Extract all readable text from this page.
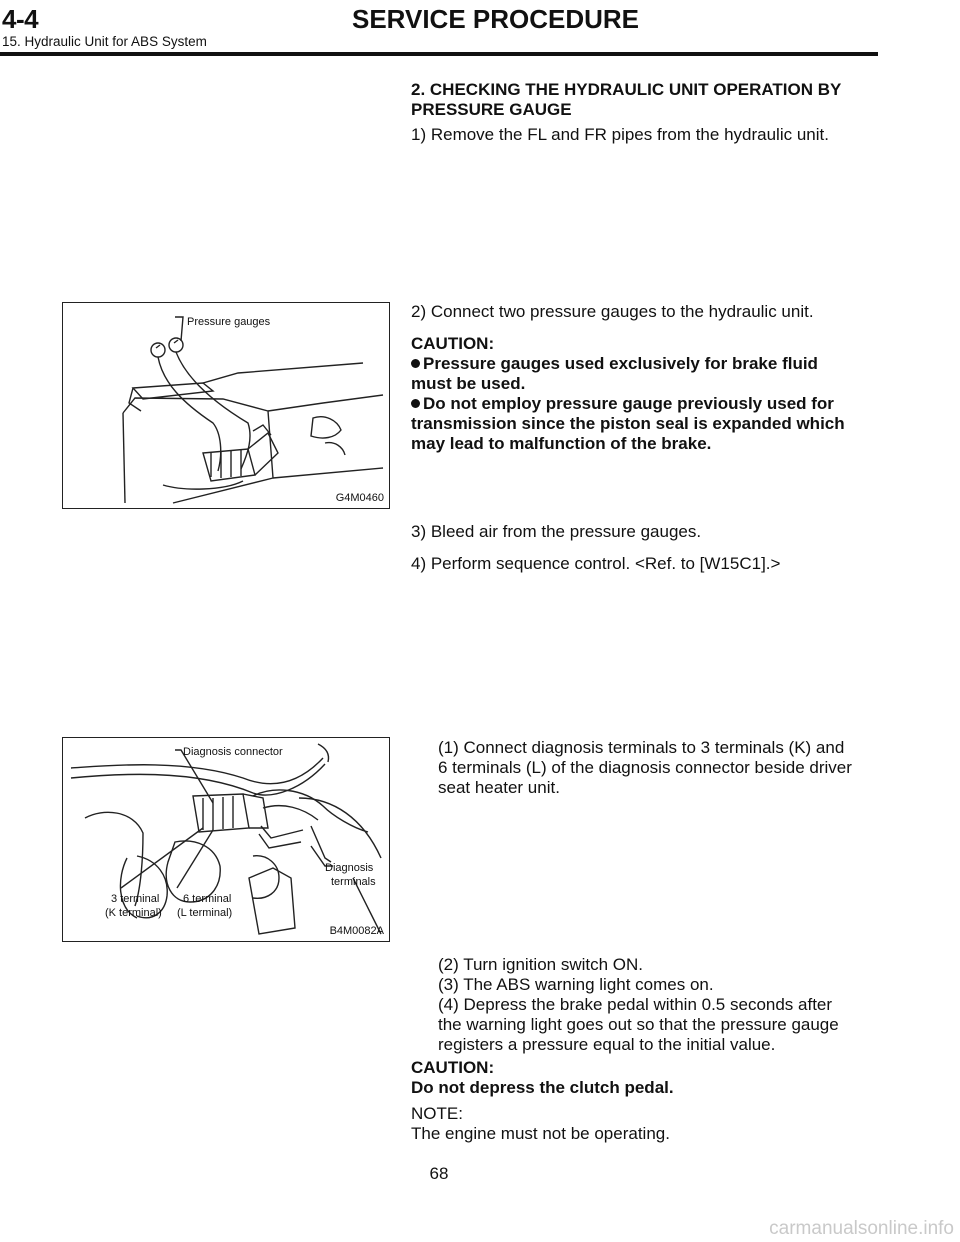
4-4
15. Hydraulic Unit for ABS System
SERVICE PROCEDURE
2. CHECKING THE HYDRAULIC UNIT OPERATION BY
PRESSURE GAUGE
1) Remove the FL and FR pipes from the hydraulic unit.
2) Connect two pressure gauges to the hydraulic unit.
CAUTION:
Pressure gauges used exclusively for brake fluid
must be used.
Do not employ pressure gauge previously used for
transmission since the piston seal is expanded which
may lead to malfunction of the brake.
3) Bleed air from the pressure gauges.
4) Perform sequence control. <Ref. to [W15C1].>
(1) Connect diagnosis terminals to 3 terminals (K) and
6 terminals (L) of the diagnosis connector beside driver
seat heater unit.
(2) Turn ignition switch ON.
(3) The ABS warning light comes on.
(4) Depress the brake pedal within 0.5 seconds after
the warning light goes out so that the pressure gauge
registers a pressure equal to the initial value.
CAUTION:
Do not depress the clutch pedal.
NOTE:
The engine must not be operating.
Pressure gauges
G4M0460
Diagnosis connector
Diagnosis
terminals
3 terminal
(K terminal)
6 terminal
(L terminal)
B4M0082A
68
carmanualsonline.info
